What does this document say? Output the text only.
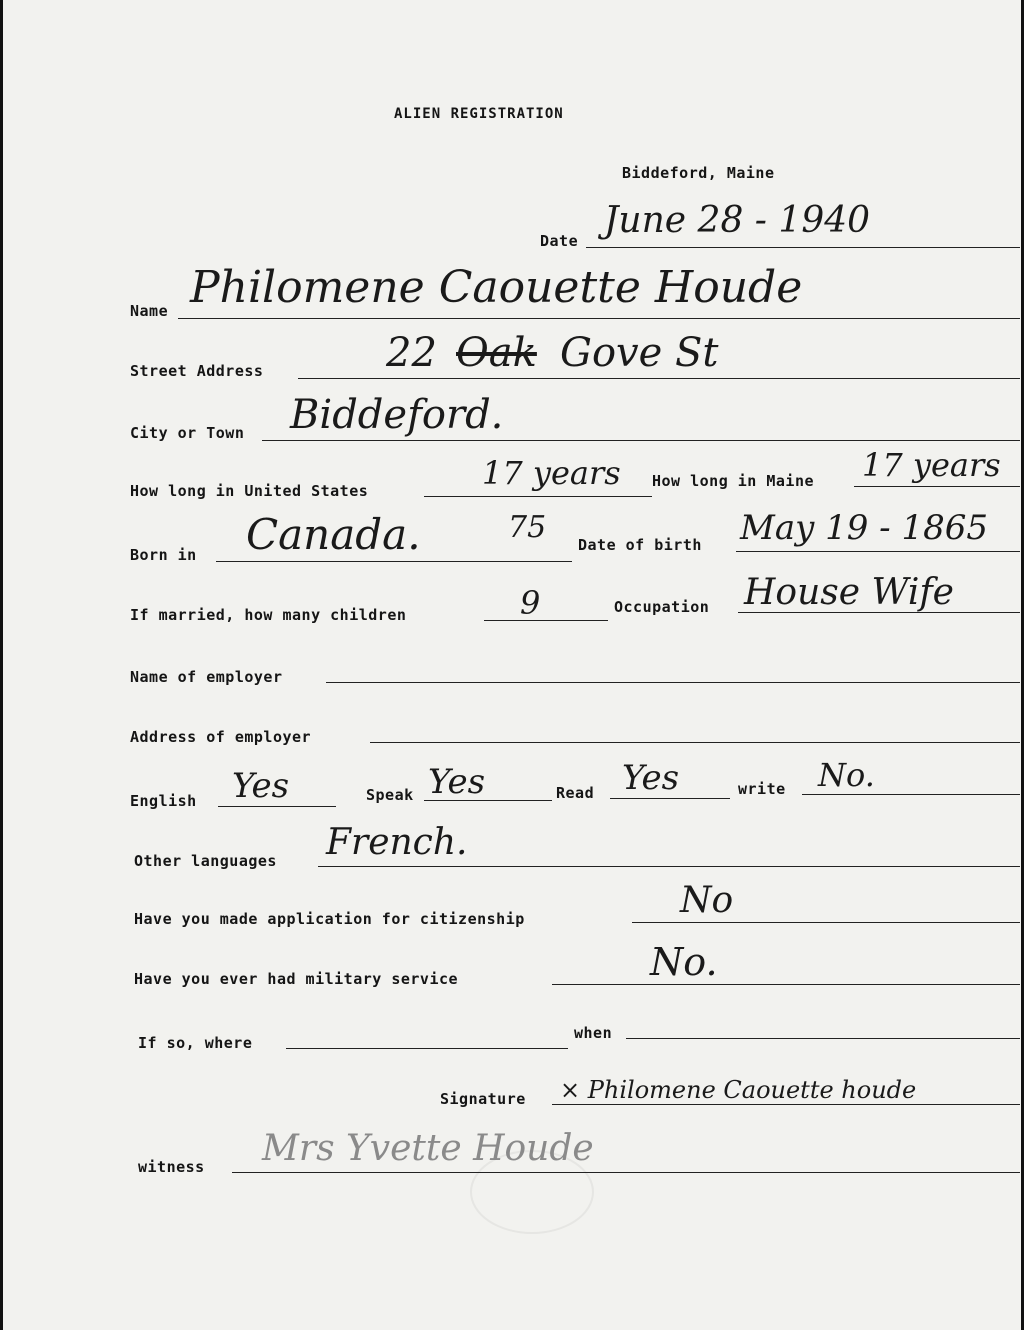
ALIEN REGISTRATION
Biddeford, Maine
Date June 28 - 1940
Name Philomene Caouette Houde
Street Address	22 Oak Gove St
City or Town Biddeford.
How long in United States	17 years How long in Maine 17 years
Born in Canada.	75 Date of birth May 19 - 1865
If married, how many children	9	Occupation House Wife
Name of employer
Address of employer
English Yes	Speak Yes	Read Yes	write No.
Other languages French.
Have you made application for citizenship	No
Have you ever had military service	No.
If so, where
when
Signature × Philomene Caouette houde
witness Mrs Yvette Houde
